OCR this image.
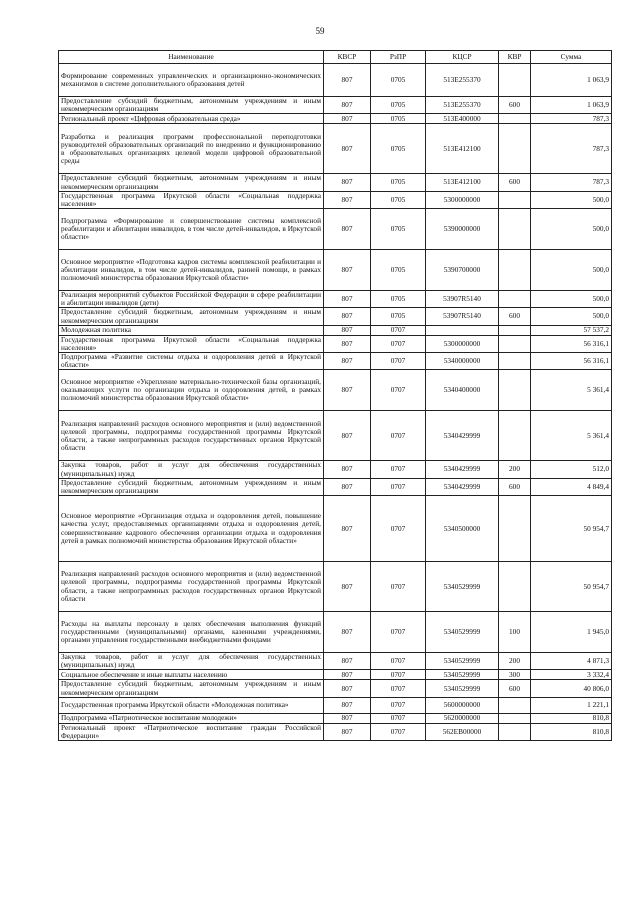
59
Наименование	КВСР	РзПР	КЦСР	КВР	Сумма
Формирование современных управленческих и организационно-экономических механизмов в системе дополнительного образования детей	807	0705	513E255370		1 063,9
Предоставление субсидий бюджетным, автономным учреждениям и иным некоммерческим организациям	807	0705	513E255370	600	1 063,9
Региональный проект «Цифровая образовательная среда»	807	0705	513E400000		787,3
Разработка и реализация программ профессиональной переподготовки руководителей образовательных организаций по внедрению и функционированию в образовательных организациях целевой модели цифровой образовательной среды	807	0705	513E412100		787,3
Предоставление субсидий бюджетным, автономным учреждениям и иным некоммерческим организациям	807	0705	513E412100	600	787,3
Государственная программа Иркутской области «Социальная поддержка населения»	807	0705	5300000000		500,0
Подпрограмма «Формирование и совершенствование системы комплексной реабилитации и абилитации инвалидов, в том числе детей-инвалидов, в Иркутской области»	807	0705	5390000000		500,0
Основное мероприятие «Подготовка кадров системы комплексной реабилитации и абилитации инвалидов, в том числе детей-инвалидов, ранней помощи, в рамках полномочий министерства образования Иркутской области»	807	0705	5390700000		500,0
Реализация мероприятий субъектов Российской Федерации в сфере реабилитации и абилитации инвалидов (дети)	807	0705	53907R5140		500,0
Предоставление субсидий бюджетным, автономным учреждениям и иным некоммерческим организациям	807	0705	53907R5140	600	500,0
Молодежная политика	807	0707			57 537,2
Государственная программа Иркутской области «Социальная поддержка населения»	807	0707	5300000000		56 316,1
Подпрограмма «Развитие системы отдыха и оздоровления детей в Иркутской области»	807	0707	5340000000		56 316,1
Основное мероприятие «Укрепление материально-технической базы организаций, оказывающих услуги по организации отдыха и оздоровления детей, в рамках полномочий министерства образования Иркутской области»	807	0707	5340400000		5 361,4
Реализация направлений расходов основного мероприятия и (или) ведомственной целевой программы, подпрограммы государственной программы Иркутской области, а также непрограммных расходов государственных органов Иркутской области	807	0707	5340429999		5 361,4
Закупка товаров, работ и услуг для обеспечения государственных (муниципальных) нужд	807	0707	5340429999	200	512,0
Предоставление субсидий бюджетным, автономным учреждениям и иным некоммерческим организациям	807	0707	5340429999	600	4 849,4
Основное мероприятие «Организация отдыха и оздоровления детей, повышение качества услуг, предоставляемых организациями отдыха и оздоровления детей, совершенствование кадрового обеспечения организации отдыха и оздоровления детей в рамках полномочий министерства образования Иркутской области»	807	0707	5340500000		50 954,7
Реализация направлений расходов основного мероприятия и (или) ведомственной целевой программы, подпрограммы государственной программы Иркутской области, а также непрограммных расходов государственных органов Иркутской области	807	0707	5340529999		50 954,7
Расходы на выплаты персоналу в целях обеспечения выполнения функций государственными (муниципальными) органами, казенными учреждениями, органами управления государственными внебюджетными фондами	807	0707	5340529999	100	1 945,0
Закупка товаров, работ и услуг для обеспечения государственных (муниципальных) нужд	807	0707	5340529999	200	4 871,3
Социальное обеспечение и иные выплаты населению	807	0707	5340529999	300	3 332,4
Предоставление субсидий бюджетным, автономным учреждениям и иным некоммерческим организациям	807	0707	5340529999	600	40 806,0
Государственная программа Иркутской области «Молодежная политика»	807	0707	5600000000		1 221,1
Подпрограмма «Патриотическое воспитание молодежи»	807	0707	5620000000		810,8
Региональный проект «Патриотическое воспитание граждан Российской Федерации»	807	0707	562EB00000		810,8
